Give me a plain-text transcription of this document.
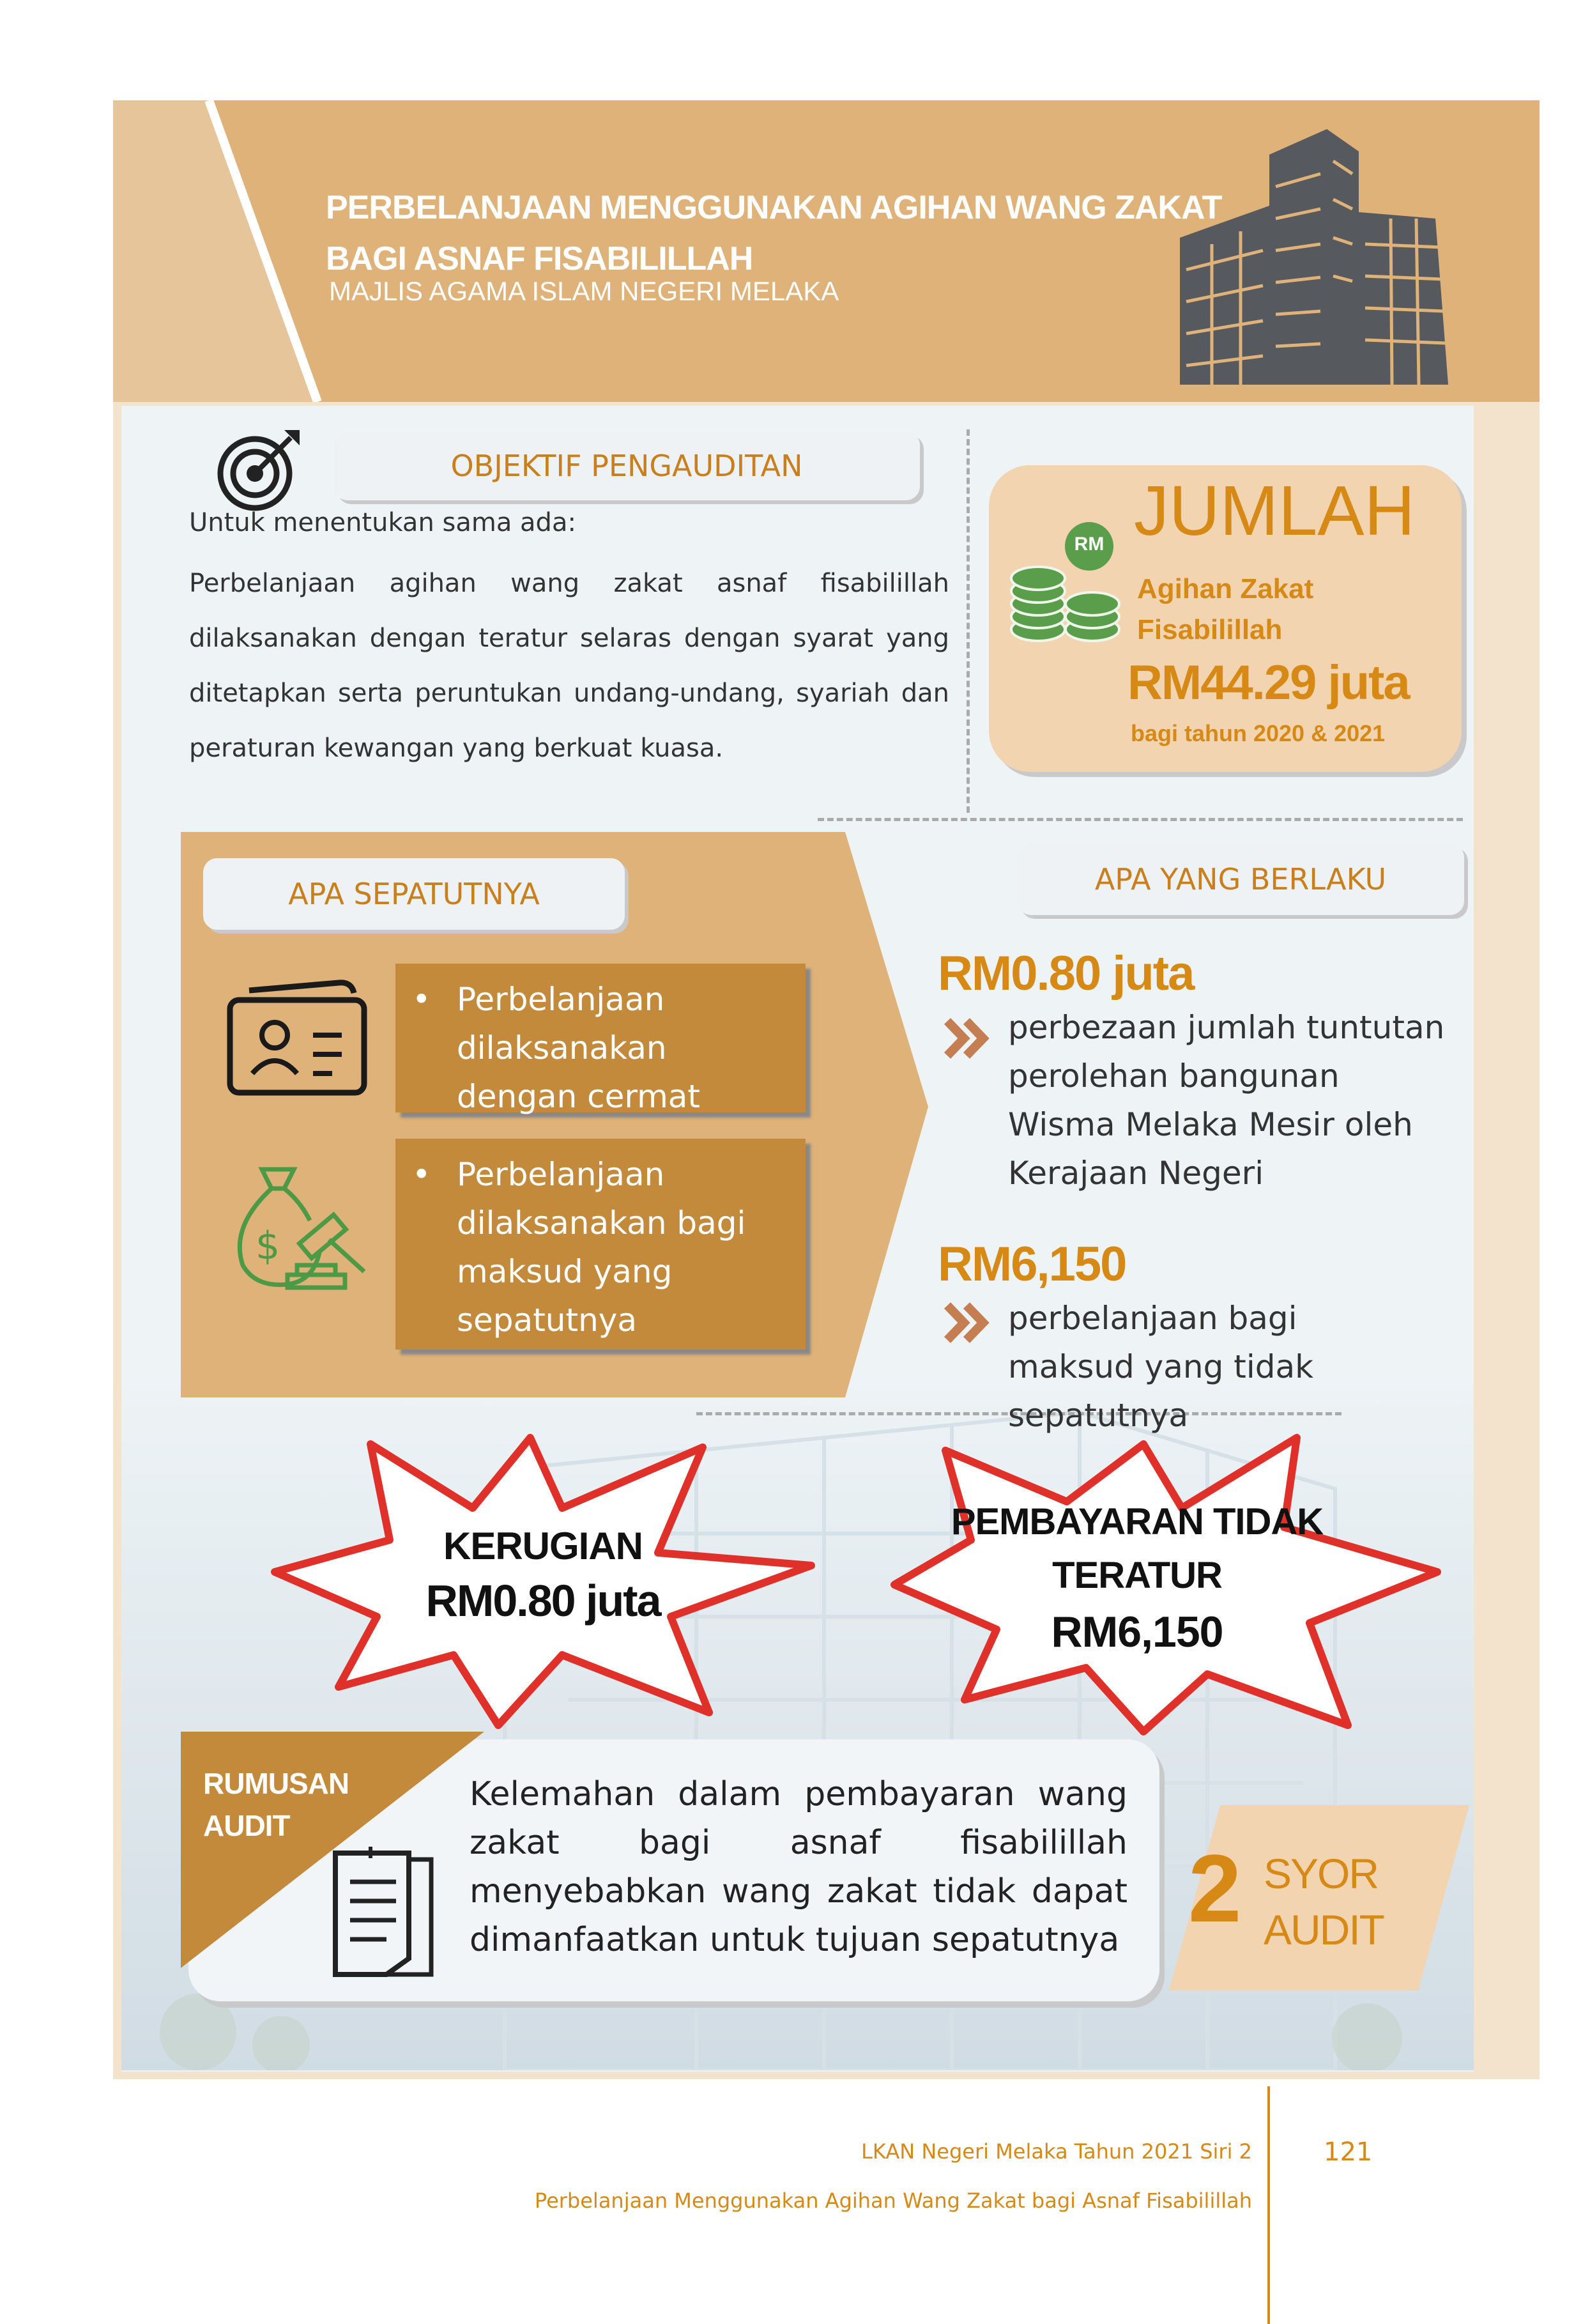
PERBELANJAAN MENGGUNAKAN AGIHAN WANG ZAKAT
BAGI ASNAF FISABILILLAH
MAJLIS AGAMA ISLAM NEGERI MELAKA
OBJEKTIF PENGAUDITAN
Untuk menentukan sama ada:
Perbelanjaan agihan wang zakat asnaf fisabilillah dilaksanakan dengan teratur selaras dengan syarat yang ditetapkan serta peruntukan undang-undang, syariah dan peraturan kewangan yang berkuat kuasa.
RM JUMLAH
Agihan Zakat
Fisabilillah
RM44.29 juta
bagi tahun 2020 & 2021
APA SEPATUTNYA
$
• Perbelanjaan dilaksanakan dengan cermat
• Perbelanjaan dilaksanakan bagi maksud yang sepatutnya
APA YANG BERLAKU
RM0.80 juta
perbezaan jumlah tuntutan perolehan bangunan Wisma Melaka Mesir oleh Kerajaan Negeri
RM6,150
perbelanjaan bagi maksud yang tidak sepatutnya
KERUGIAN
RM0.80 juta
PEMBAYARAN TIDAK
TERATUR
RM6,150
RUMUSAN
AUDIT
Kelemahan dalam pembayaran wang zakat bagi asnaf fisabilillah menyebabkan wang zakat tidak dapat dimanfaatkan untuk tujuan sepatutnya 2 SYOR
AUDIT
LKAN Negeri Melaka Tahun 2021 Siri 2
Perbelanjaan Menggunakan Agihan Wang Zakat bagi Asnaf Fisabilillah
121
